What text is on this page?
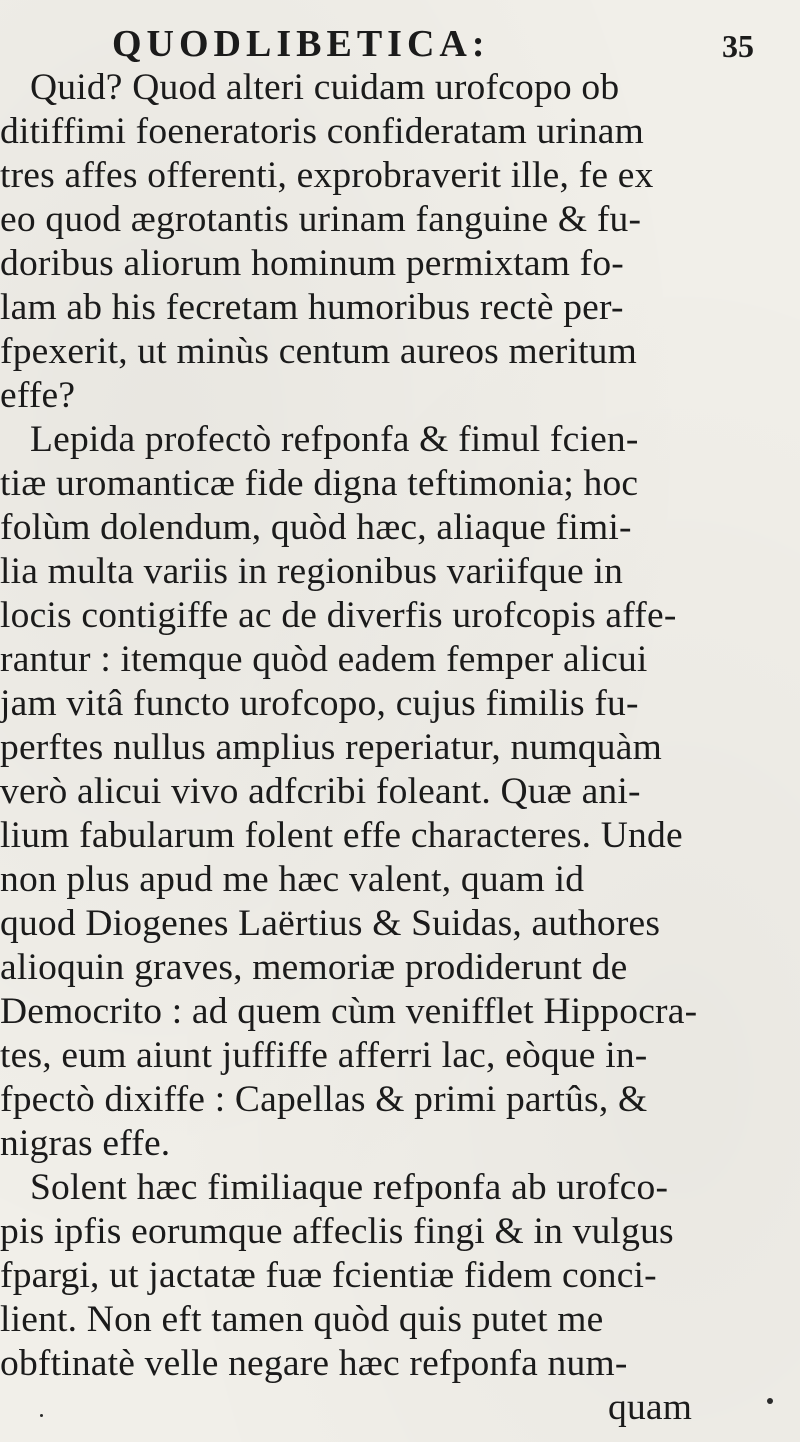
QUODLIBETICA:	35
Quid? Quod alteri cuidam urofcopo ob
ditiffimi foeneratoris confideratam urinam
tres affes offerenti, exprobraverit ille, fe ex
eo quod ægrotantis urinam fanguine & fu-
doribus aliorum hominum permixtam fo-
lam ab his fecretam humoribus rectè per-
fpexerit, ut minùs centum aureos meritum
effe?
Lepida profectò refponfa & fimul fcien-
tiæ uromanticæ fide digna teftimonia; hoc
folùm dolendum, quòd hæc, aliaque fimi-
lia multa variis in regionibus variifque in
locis contigiffe ac de diverfis urofcopis affe-
rantur : itemque quòd eadem femper alicui
jam vitâ functo urofcopo, cujus fimilis fu-
perftes nullus amplius reperiatur, numquàm
verò alicui vivo adfcribi foleant. Quæ ani-
lium fabularum folent effe characteres. Unde
non plus apud me hæc valent, quam id
quod Diogenes Laërtius & Suidas, authores
alioquin graves, memoriæ prodiderunt de
Democrito : ad quem cùm venifflet Hippocra-
tes, eum aiunt juffiffe afferri lac, eòque in-
fpectò dixiffe : Capellas & primi partûs, &
nigras effe.
Solent hæc fimiliaque refponfa ab urofco-
pis ipfis eorumque affeclis fingi & in vulgus
fpargi, ut jactatæ fuæ fcientiæ fidem conci-
lient. Non eft tamen quòd quis putet me
obftinatè velle negare hæc refponfa num-
quam
